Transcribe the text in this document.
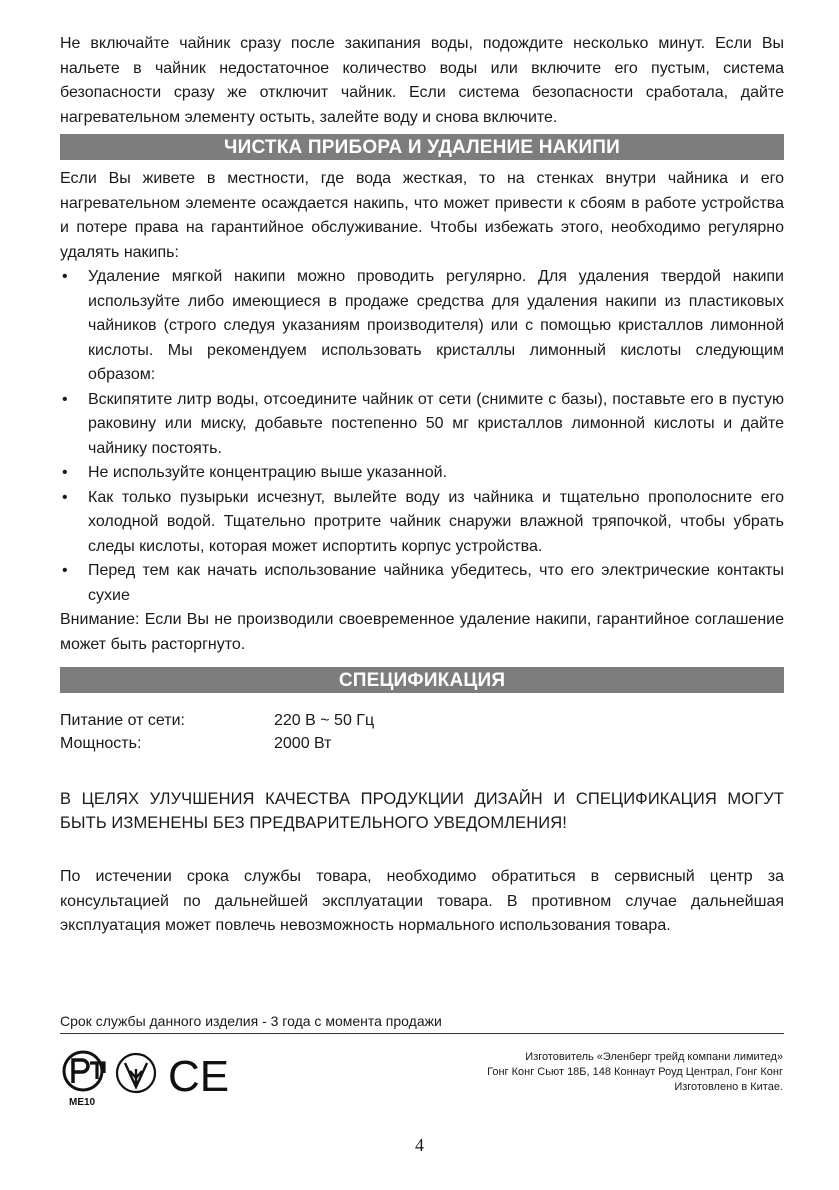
Не включайте чайник сразу после закипания воды, подождите несколько минут. Если Вы нальете в чайник недостаточное количество воды или включите его пустым, система безопасности сразу же отключит чайник. Если система безопасности сработала, дайте нагревательном элементу остыть, залейте воду и снова включите.

ЧИСТКА ПРИБОРА И УДАЛЕНИЕ НАКИПИ

Если Вы живете в местности, где вода жесткая, то на стенках внутри чайника и его нагревательном элементе осаждается накипь, что может привести к сбоям в работе устройства и потере права на гарантийное обслуживание. Чтобы избежать этого, необходимо регулярно удалять накипь:

• Удаление мягкой накипи можно проводить регулярно. Для удаления твердой накипи используйте либо имеющиеся в продаже средства для удаления накипи из пластиковых чайников (строго следуя указаниям производителя) или с помощью кристаллов лимонной кислоты. Мы рекомендуем использовать кристаллы лимонный кислоты следующим образом:
• Вскипятите литр воды, отсоедините чайник от сети (снимите с базы), поставьте его в пустую раковину или миску, добавьте постепенно 50 мг кристаллов лимонной кислоты и дайте чайнику постоять.
• Не используйте концентрацию выше указанной.
• Как только пузырьки исчезнут, вылейте воду из чайника и тщательно прополосните его холодной водой. Тщательно протрите чайник снаружи влажной тряпочкой, чтобы убрать следы кислоты, которая может испортить корпус устройства.
• Перед тем как начать использование чайника убедитесь, что его электрические контакты сухие

Внимание: Если Вы не производили своевременное удаление накипи, гарантийное соглашение может быть расторгнуто.

СПЕЦИФИКАЦИЯ
Питание от сети:	220 В ~ 50 Гц
Мощность:	2000 Вт

В ЦЕЛЯХ УЛУЧШЕНИЯ КАЧЕСТВА ПРОДУКЦИИ ДИЗАЙН И СПЕЦИФИКАЦИЯ МОГУТ БЫТЬ ИЗМЕНЕНЫ БЕЗ ПРЕДВАРИТЕЛЬНОГО УВЕДОМЛЕНИЯ!

По истечении срока службы товара, необходимо обратиться в сервисный центр за консультацией по дальнейшей эксплуатации товара. В противном случае дальнейшая эксплуатация может повлечь невозможность нормального использования товара.

Срок службы данного изделия - 3 года с момента продажи
МЕ10
CE	Изготовитель «Эленберг трейд компани лимитед»
Гонг Конг Сьют 18Б, 148 Коннаут Роуд Централ, Гонг Конг
Изготовлено в Китае.
4
